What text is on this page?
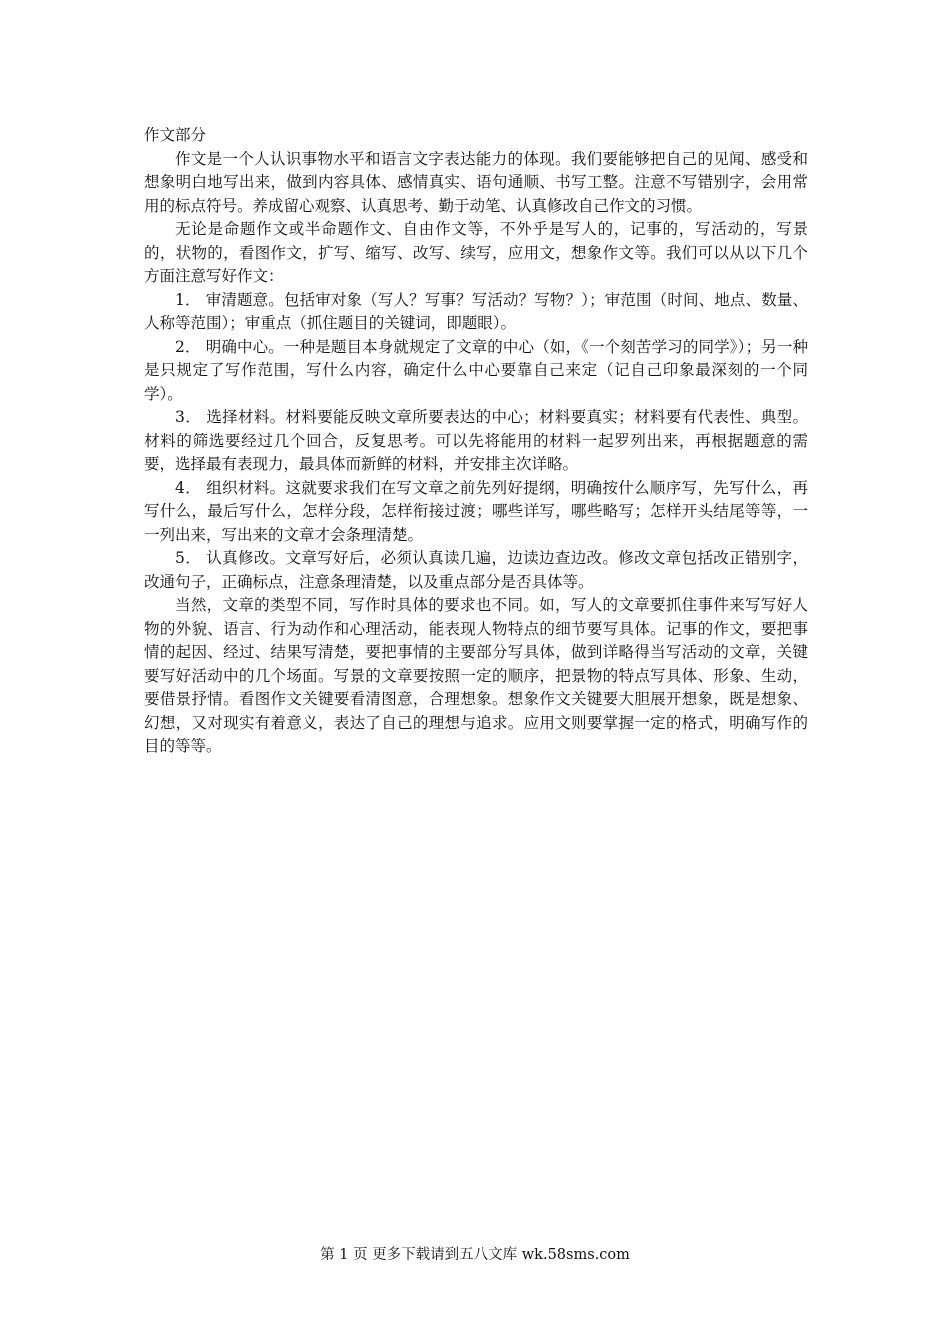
作文部分

作文是一个人认识事物水平和语言文字表达能力的体现。我们要能够把自己的见闻、感受和想象明白地写出来，做到内容具体、感情真实、语句通顺、书写工整。注意不写错别字，会用常用的标点符号。养成留心观察、认真思考、勤于动笔、认真修改自己作文的习惯。

无论是命题作文或半命题作文、自由作文等，不外乎是写人的，记事的，写活动的，写景的，状物的，看图作文，扩写、缩写、改写、续写，应用文，想象作文等。我们可以从以下几个方面注意写好作文：

1． 审清题意。包括审对象（写人？写事？写活动？写物？）；审范围（时间、地点、数量、人称等范围）；审重点（抓住题目的关键词，即题眼）。

2． 明确中心。一种是题目本身就规定了文章的中心（如，《一个刻苦学习的同学》）；另一种是只规定了写作范围，写什么内容，确定什么中心要靠自己来定（记自己印象最深刻的一个同学）。

3． 选择材料。材料要能反映文章所要表达的中心；材料要真实；材料要有代表性、典型。材料的筛选要经过几个回合，反复思考。可以先将能用的材料一起罗列出来，再根据题意的需要，选择最有表现力，最具体而新鲜的材料，并安排主次详略。

4． 组织材料。这就要求我们在写文章之前先列好提纲，明确按什么顺序写，先写什么，再写什么，最后写什么，怎样分段，怎样衔接过渡；哪些详写，哪些略写；怎样开头结尾等等，一一列出来，写出来的文章才会条理清楚。

5． 认真修改。文章写好后，必须认真读几遍，边读边查边改。修改文章包括改正错别字，改通句子，正确标点，注意条理清楚，以及重点部分是否具体等。

当然，文章的类型不同，写作时具体的要求也不同。如，写人的文章要抓住事件来写写好人物的外貌、语言、行为动作和心理活动，能表现人物特点的细节要写具体。记事的作文，要把事情的起因、经过、结果写清楚，要把事情的主要部分写具体，做到详略得当写活动的文章，关键要写好活动中的几个场面。写景的文章要按照一定的顺序，把景物的特点写具体、形象、生动，要借景抒情。看图作文关键要看清图意，合理想象。想象作文关键要大胆展开想象，既是想象、幻想，又对现实有着意义，表达了自己的理想与追求。应用文则要掌握一定的格式，明确写作的目的等等。

第 1 页 更多下载请到五八文库 wk.58sms.com
